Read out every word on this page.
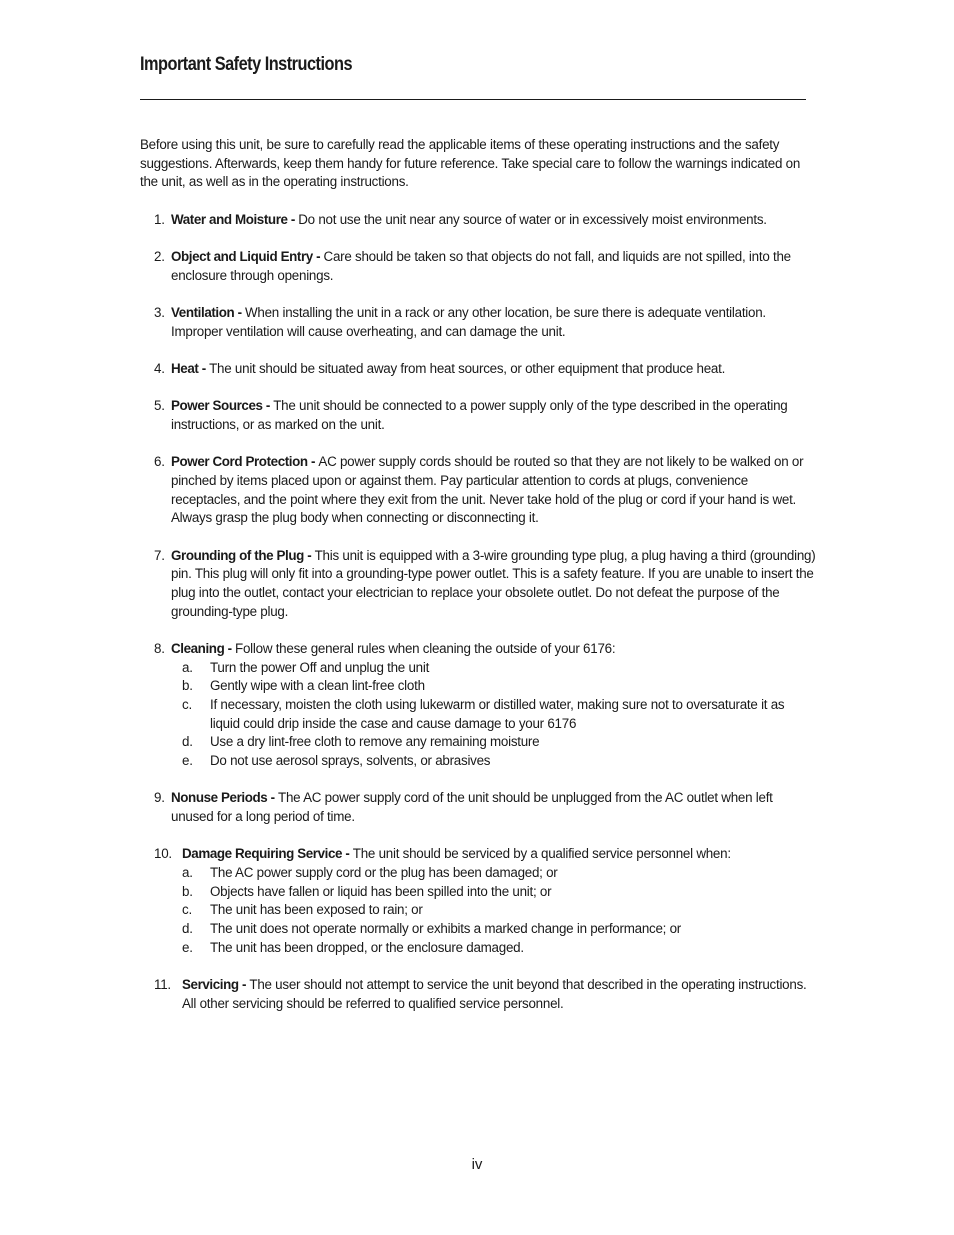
Important Safety Instructions

Before using this unit, be sure to carefully read the applicable items of these operating instructions and the safety suggestions. Afterwards, keep them handy for future reference. Take special care to follow the warnings indicated on the unit, as well as in the operating instructions.

1. Water and Moisture - Do not use the unit near any source of water or in excessively moist environments.
2. Object and Liquid Entry - Care should be taken so that objects do not fall, and liquids are not spilled, into the enclosure through openings.
3. Ventilation - When installing the unit in a rack or any other location, be sure there is adequate ventilation. Improper ventilation will cause overheating, and can damage the unit.
4. Heat - The unit should be situated away from heat sources, or other equipment that produce heat.
5. Power Sources - The unit should be connected to a power supply only of the type described in the operating instructions, or as marked on the unit.
6. Power Cord Protection - AC power supply cords should be routed so that they are not likely to be walked on or pinched by items placed upon or against them. Pay particular attention to cords at plugs, convenience receptacles, and the point where they exit from the unit. Never take hold of the plug or cord if your hand is wet. Always grasp the plug body when connecting or disconnecting it.
7. Grounding of the Plug - This unit is equipped with a 3-wire grounding type plug, a plug having a third (grounding) pin. This plug will only fit into a grounding-type power outlet. This is a safety feature. If you are unable to insert the plug into the outlet, contact your electrician to replace your obsolete outlet. Do not defeat the purpose of the grounding-type plug.
8. Cleaning - Follow these general rules when cleaning the outside of your 6176:
a. Turn the power Off and unplug the unit
b. Gently wipe with a clean lint-free cloth
c. If necessary, moisten the cloth using lukewarm or distilled water, making sure not to oversaturate it as liquid could drip inside the case and cause damage to your 6176
d. Use a dry lint-free cloth to remove any remaining moisture
e. Do not use aerosol sprays, solvents, or abrasives
9. Nonuse Periods - The AC power supply cord of the unit should be unplugged from the AC outlet when left unused for a long period of time.
10. Damage Requiring Service - The unit should be serviced by a qualified service personnel when:
a. The AC power supply cord or the plug has been damaged; or
b. Objects have fallen or liquid has been spilled into the unit; or
c. The unit has been exposed to rain; or
d. The unit does not operate normally or exhibits a marked change in performance; or
e. The unit has been dropped, or the enclosure damaged.
11. Servicing - The user should not attempt to service the unit beyond that described in the operating instructions. All other servicing should be referred to qualified service personnel.
iv
